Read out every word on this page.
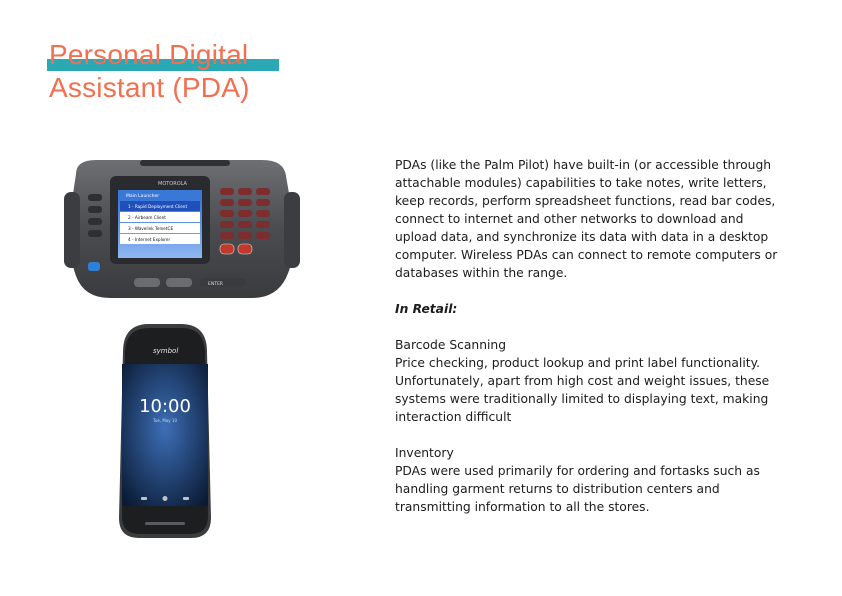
Personal Digital
Assistant (PDA)
MOTOROLA
Main Launcher
1 - Rapid Deployment Client
2 - Airbeam Client
3 - Wavelink TelnetCE
4 - Internet Explorer
ENTER
symbol
10:00
Tue, May 10

PDAs (like the Palm Pilot) have built-in (or accessible through attachable modules) capabilities to take notes, write letters, keep records, perform spreadsheet functions, read bar codes, connect to internet and other networks to download and upload data, and synchronize its data with data in a desktop computer. Wireless PDAs can connect to remote computers or databases within the range.

In Retail:

Barcode Scanning

Price checking, product lookup and print label functionality. Unfortunately, apart from high cost and weight issues, these systems were traditionally limited to displaying text, making interaction difficult

Inventory

PDAs were used primarily for ordering and fortasks such as handling garment returns to distribution centers and transmitting information to all the stores.
